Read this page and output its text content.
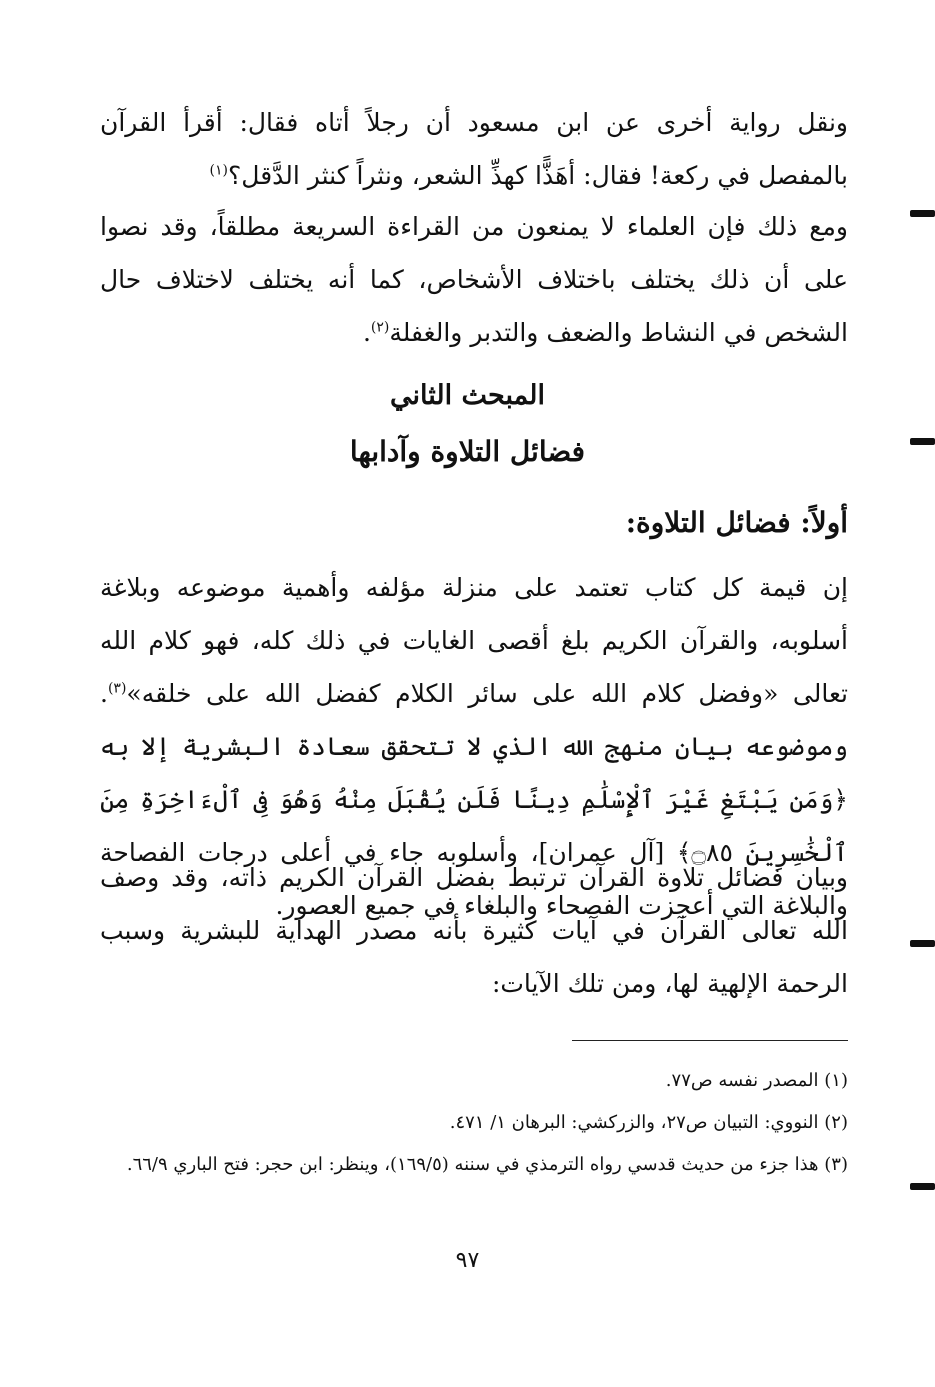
ونقل رواية أخرى عن ابن مسعود أن رجلاً أتاه فقال: أقرأ القرآن بالمفصل في ركعة! فقال: أهَذًّا كهذِّ الشعر، ونثراً كنثر الدَّقل؟$^{(١)}$

ومع ذلك فإن العلماء لا يمنعون من القراءة السريعة مطلقاً، وقد نصوا على أن ذلك يختلف باختلاف الأشخاص، كما أنه يختلف لاختلاف حال الشخص في النشاط والضعف والتدبر والغفلة$^{(٢)}$.

المبحث الثاني
فضائل التلاوة وآدابها
أولاً: فضائل التلاوة:

إن قيمة كل كتاب تعتمد على منزلة مؤلفه وأهمية موضوعه وبلاغة أسلوبه، والقرآن الكريم بلغ أقصى الغايات في ذلك كله، فهو كلام الله تعالى «وفضل كلام الله على سائر الكلام كفضل الله على خلقه»$^{(٣)}$. وموضوعه بيان منهج الله الذي لا تتحقق سعادة البشرية إلا به ﴿وَمَن يَبْتَغِ غَيْرَ ٱلْإِسْلَٰمِ دِينًا فَلَن يُقْبَلَ مِنْهُ وَهُوَ فِى ٱلْءَاخِرَةِ مِنَ ٱلْخَٰسِرِينَ ۝٨٥﴾ [آل عمران]، وأسلوبه جاء في أعلى درجات الفصاحة والبلاغة التي أعجزت الفصحاء والبلغاء في جميع العصور.

وبيان فضائل تلاوة القرآن ترتبط بفضل القرآن الكريم ذاته، وقد وصف الله تعالى القرآن في آيات كثيرة بأنه مصدر الهداية للبشرية وسبب الرحمة الإلهية لها، ومن تلك الآيات:

(١) المصدر نفسه ص٧٧.
(٢) النووي: التبيان ص٢٧، والزركشي: البرهان ١/ ٤٧١.
(٣) هذا جزء من حديث قدسي رواه الترمذي في سننه (١٦٩/٥)، وينظر: ابن حجر: فتح الباري ٦٦/٩.
٩٧
